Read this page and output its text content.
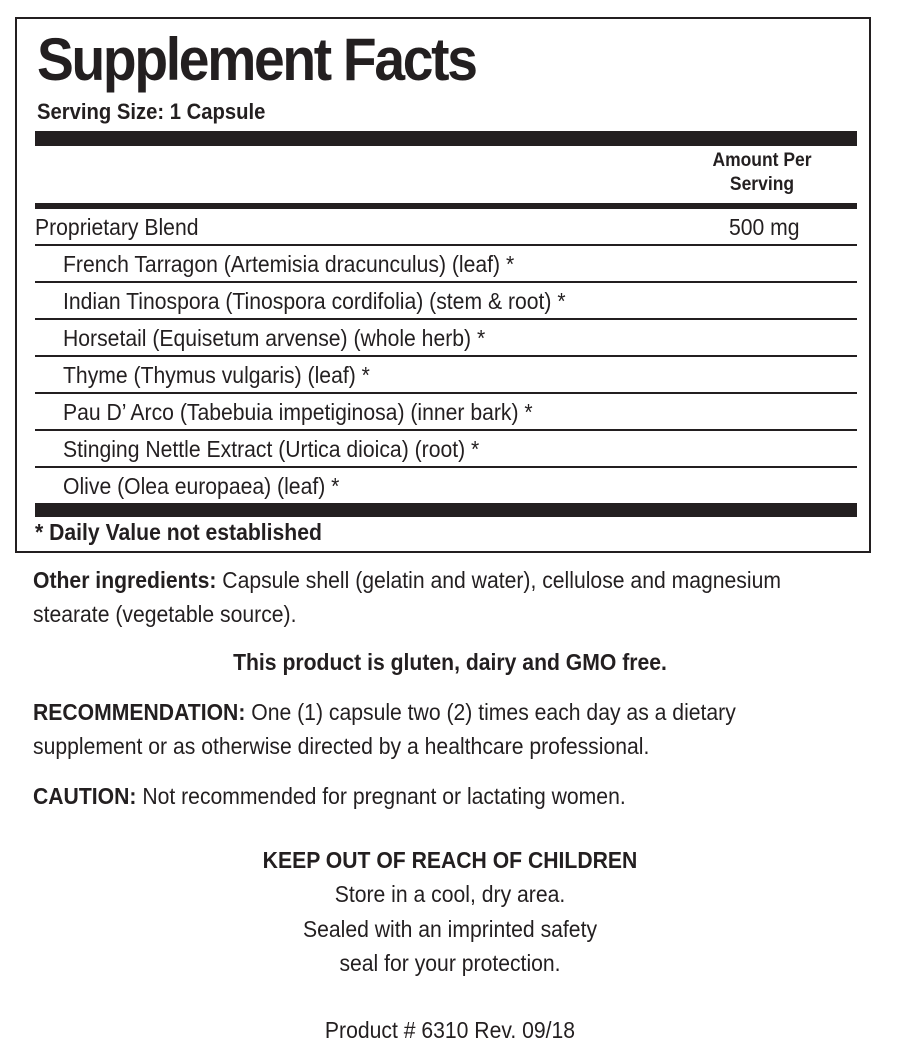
Supplement Facts
Serving Size: 1 Capsule
Amount Per
Serving
Proprietary Blend	500 mg
French Tarragon (Artemisia dracunculus) (leaf) *
Indian Tinospora (Tinospora cordifolia) (stem & root) *
Horsetail (Equisetum arvense) (whole herb) *
Thyme (Thymus vulgaris) (leaf) *
Pau D’ Arco (Tabebuia impetiginosa) (inner bark) *
Stinging Nettle Extract (Urtica dioica) (root) *
Olive (Olea europaea) (leaf) *
* Daily Value not established
Other ingredients: Capsule shell (gelatin and water), cellulose and magnesium
stearate (vegetable source).
This product is gluten, dairy and GMO free.
RECOMMENDATION: One (1) capsule two (2) times each day as a dietary
supplement or as otherwise directed by a healthcare professional.
CAUTION: Not recommended for pregnant or lactating women.
KEEP OUT OF REACH OF CHILDREN
Store in a cool, dry area.
Sealed with an imprinted safety
seal for your protection.
Product # 6310 Rev. 09/18
